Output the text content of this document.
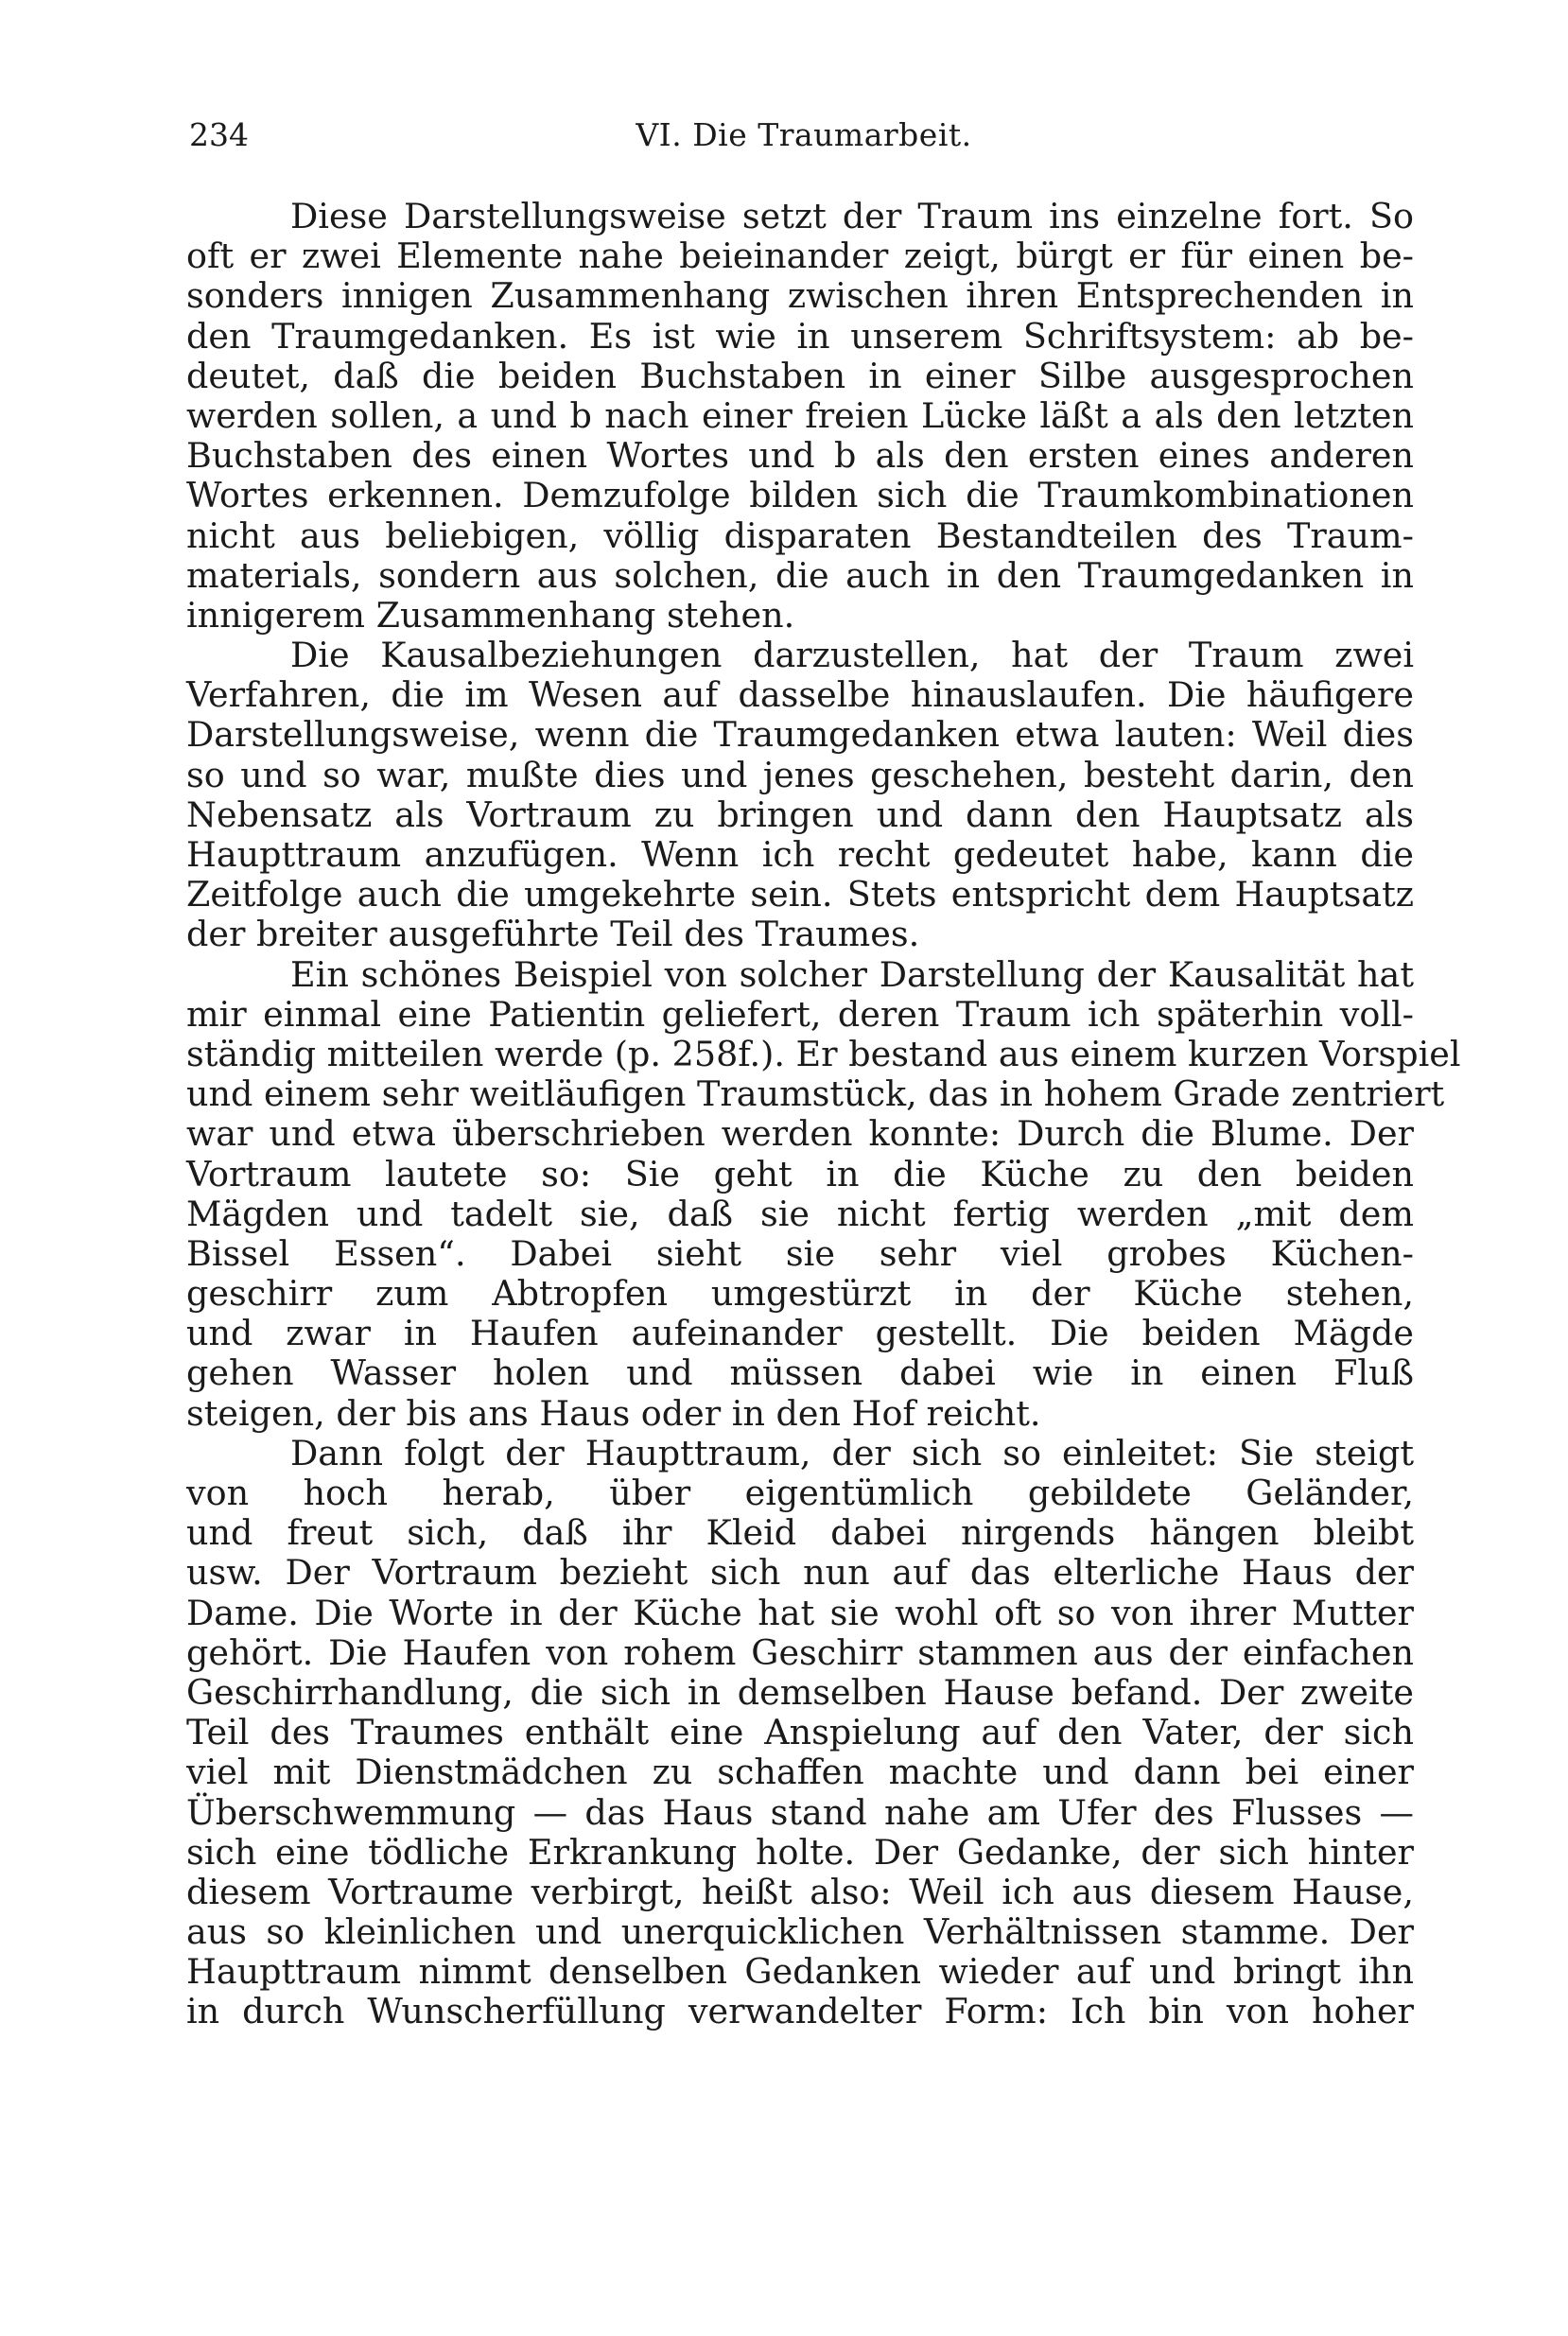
234	VI. Die Traumarbeit.
Diese Darstellungsweise setzt der Traum ins einzelne fort. So
oft er zwei Elemente nahe beieinander zeigt, bürgt er für einen be-
sonders innigen Zusammenhang zwischen ihren Entsprechenden in
den Traumgedanken. Es ist wie in unserem Schriftsystem: ab be-
deutet, daß die beiden Buchstaben in einer Silbe ausgesprochen
werden sollen, a und b nach einer freien Lücke läßt a als den letzten
Buchstaben des einen Wortes und b als den ersten eines anderen
Wortes erkennen. Demzufolge bilden sich die Traumkombinationen
nicht aus beliebigen, völlig disparaten Bestandteilen des Traum-
materials, sondern aus solchen, die auch in den Traumgedanken in
innigerem Zusammenhang stehen.
Die Kausalbeziehungen darzustellen, hat der Traum zwei
Verfahren, die im Wesen auf dasselbe hinauslaufen. Die häufigere
Darstellungsweise, wenn die Traumgedanken etwa lauten: Weil dies
so und so war, mußte dies und jenes geschehen, besteht darin, den
Nebensatz als Vortraum zu bringen und dann den Hauptsatz als
Haupttraum anzufügen. Wenn ich recht gedeutet habe, kann die
Zeitfolge auch die umgekehrte sein. Stets entspricht dem Hauptsatz
der breiter ausgeführte Teil des Traumes.
Ein schönes Beispiel von solcher Darstellung der Kausalität hat
mir einmal eine Patientin geliefert, deren Traum ich späterhin voll-
ständig mitteilen werde (p. 258f.). Er bestand aus einem kurzen Vorspiel
und einem sehr weitläufigen Traumstück, das in hohem Grade zentriert
war und etwa überschrieben werden konnte: Durch die Blume. Der
Vortraum lautete so: Sie geht in die Küche zu den beiden
Mägden und tadelt sie, daß sie nicht fertig werden „mit dem
Bissel Essen“. Dabei sieht sie sehr viel grobes Küchen-
geschirr zum Abtropfen umgestürzt in der Küche stehen,
und zwar in Haufen aufeinander gestellt. Die beiden Mägde
gehen Wasser holen und müssen dabei wie in einen Fluß
steigen, der bis ans Haus oder in den Hof reicht.
Dann folgt der Haupttraum, der sich so einleitet: Sie steigt
von hoch herab, über eigentümlich gebildete Geländer,
und freut sich, daß ihr Kleid dabei nirgends hängen bleibt
usw. Der Vortraum bezieht sich nun auf das elterliche Haus der
Dame. Die Worte in der Küche hat sie wohl oft so von ihrer Mutter
gehört. Die Haufen von rohem Geschirr stammen aus der einfachen
Geschirrhandlung, die sich in demselben Hause befand. Der zweite
Teil des Traumes enthält eine Anspielung auf den Vater, der sich
viel mit Dienstmädchen zu schaffen machte und dann bei einer
Überschwemmung — das Haus stand nahe am Ufer des Flusses —
sich eine tödliche Erkrankung holte. Der Gedanke, der sich hinter
diesem Vortraume verbirgt, heißt also: Weil ich aus diesem Hause,
aus so kleinlichen und unerquicklichen Verhältnissen stamme. Der
Haupttraum nimmt denselben Gedanken wieder auf und bringt ihn
in durch Wunscherfüllung verwandelter Form: Ich bin von hoher
